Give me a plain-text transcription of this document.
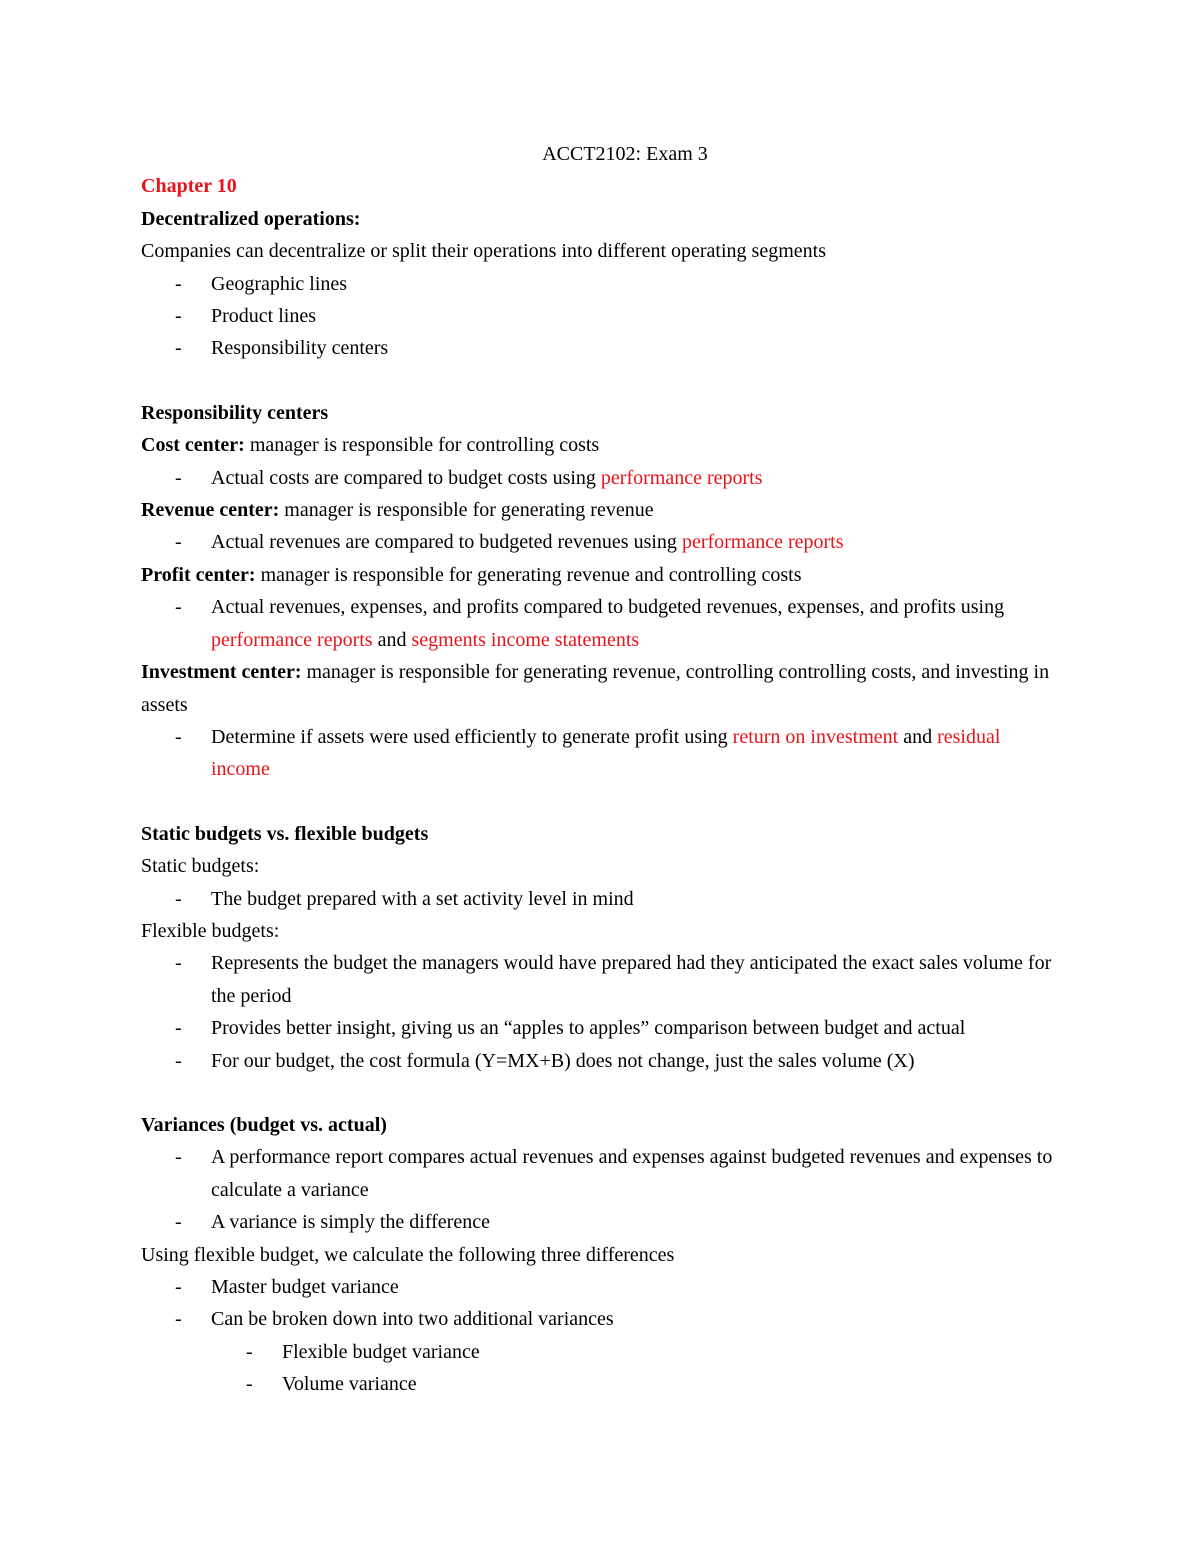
ACCT2102: Exam 3

Chapter 10

Decentralized operations:

Companies can decentralize or split their operations into different operating segments

- Geographic lines

- Product lines

- Responsibility centers

Responsibility centers

Cost center: manager is responsible for controlling costs

- Actual costs are compared to budget costs using performance reports

Revenue center: manager is responsible for generating revenue

- Actual revenues are compared to budgeted revenues using performance reports

Profit center: manager is responsible for generating revenue and controlling costs

- Actual revenues, expenses, and profits compared to budgeted revenues, expenses, and profits using performance reports and segments income statements

Investment center: manager is responsible for generating revenue, controlling controlling costs, and investing in assets

- Determine if assets were used efficiently to generate profit using return on investment and residual income

Static budgets vs. flexible budgets

Static budgets:

- The budget prepared with a set activity level in mind

Flexible budgets:

- Represents the budget the managers would have prepared had they anticipated the exact sales volume for the period

- Provides better insight, giving us an “apples to apples” comparison between budget and actual

- For our budget, the cost formula (Y=MX+B) does not change, just the sales volume (X)

Variances (budget vs. actual)

- A performance report compares actual revenues and expenses against budgeted revenues and expenses to calculate a variance

- A variance is simply the difference

Using flexible budget, we calculate the following three differences

- Master budget variance

- Can be broken down into two additional variances

- Flexible budget variance

- Volume variance
